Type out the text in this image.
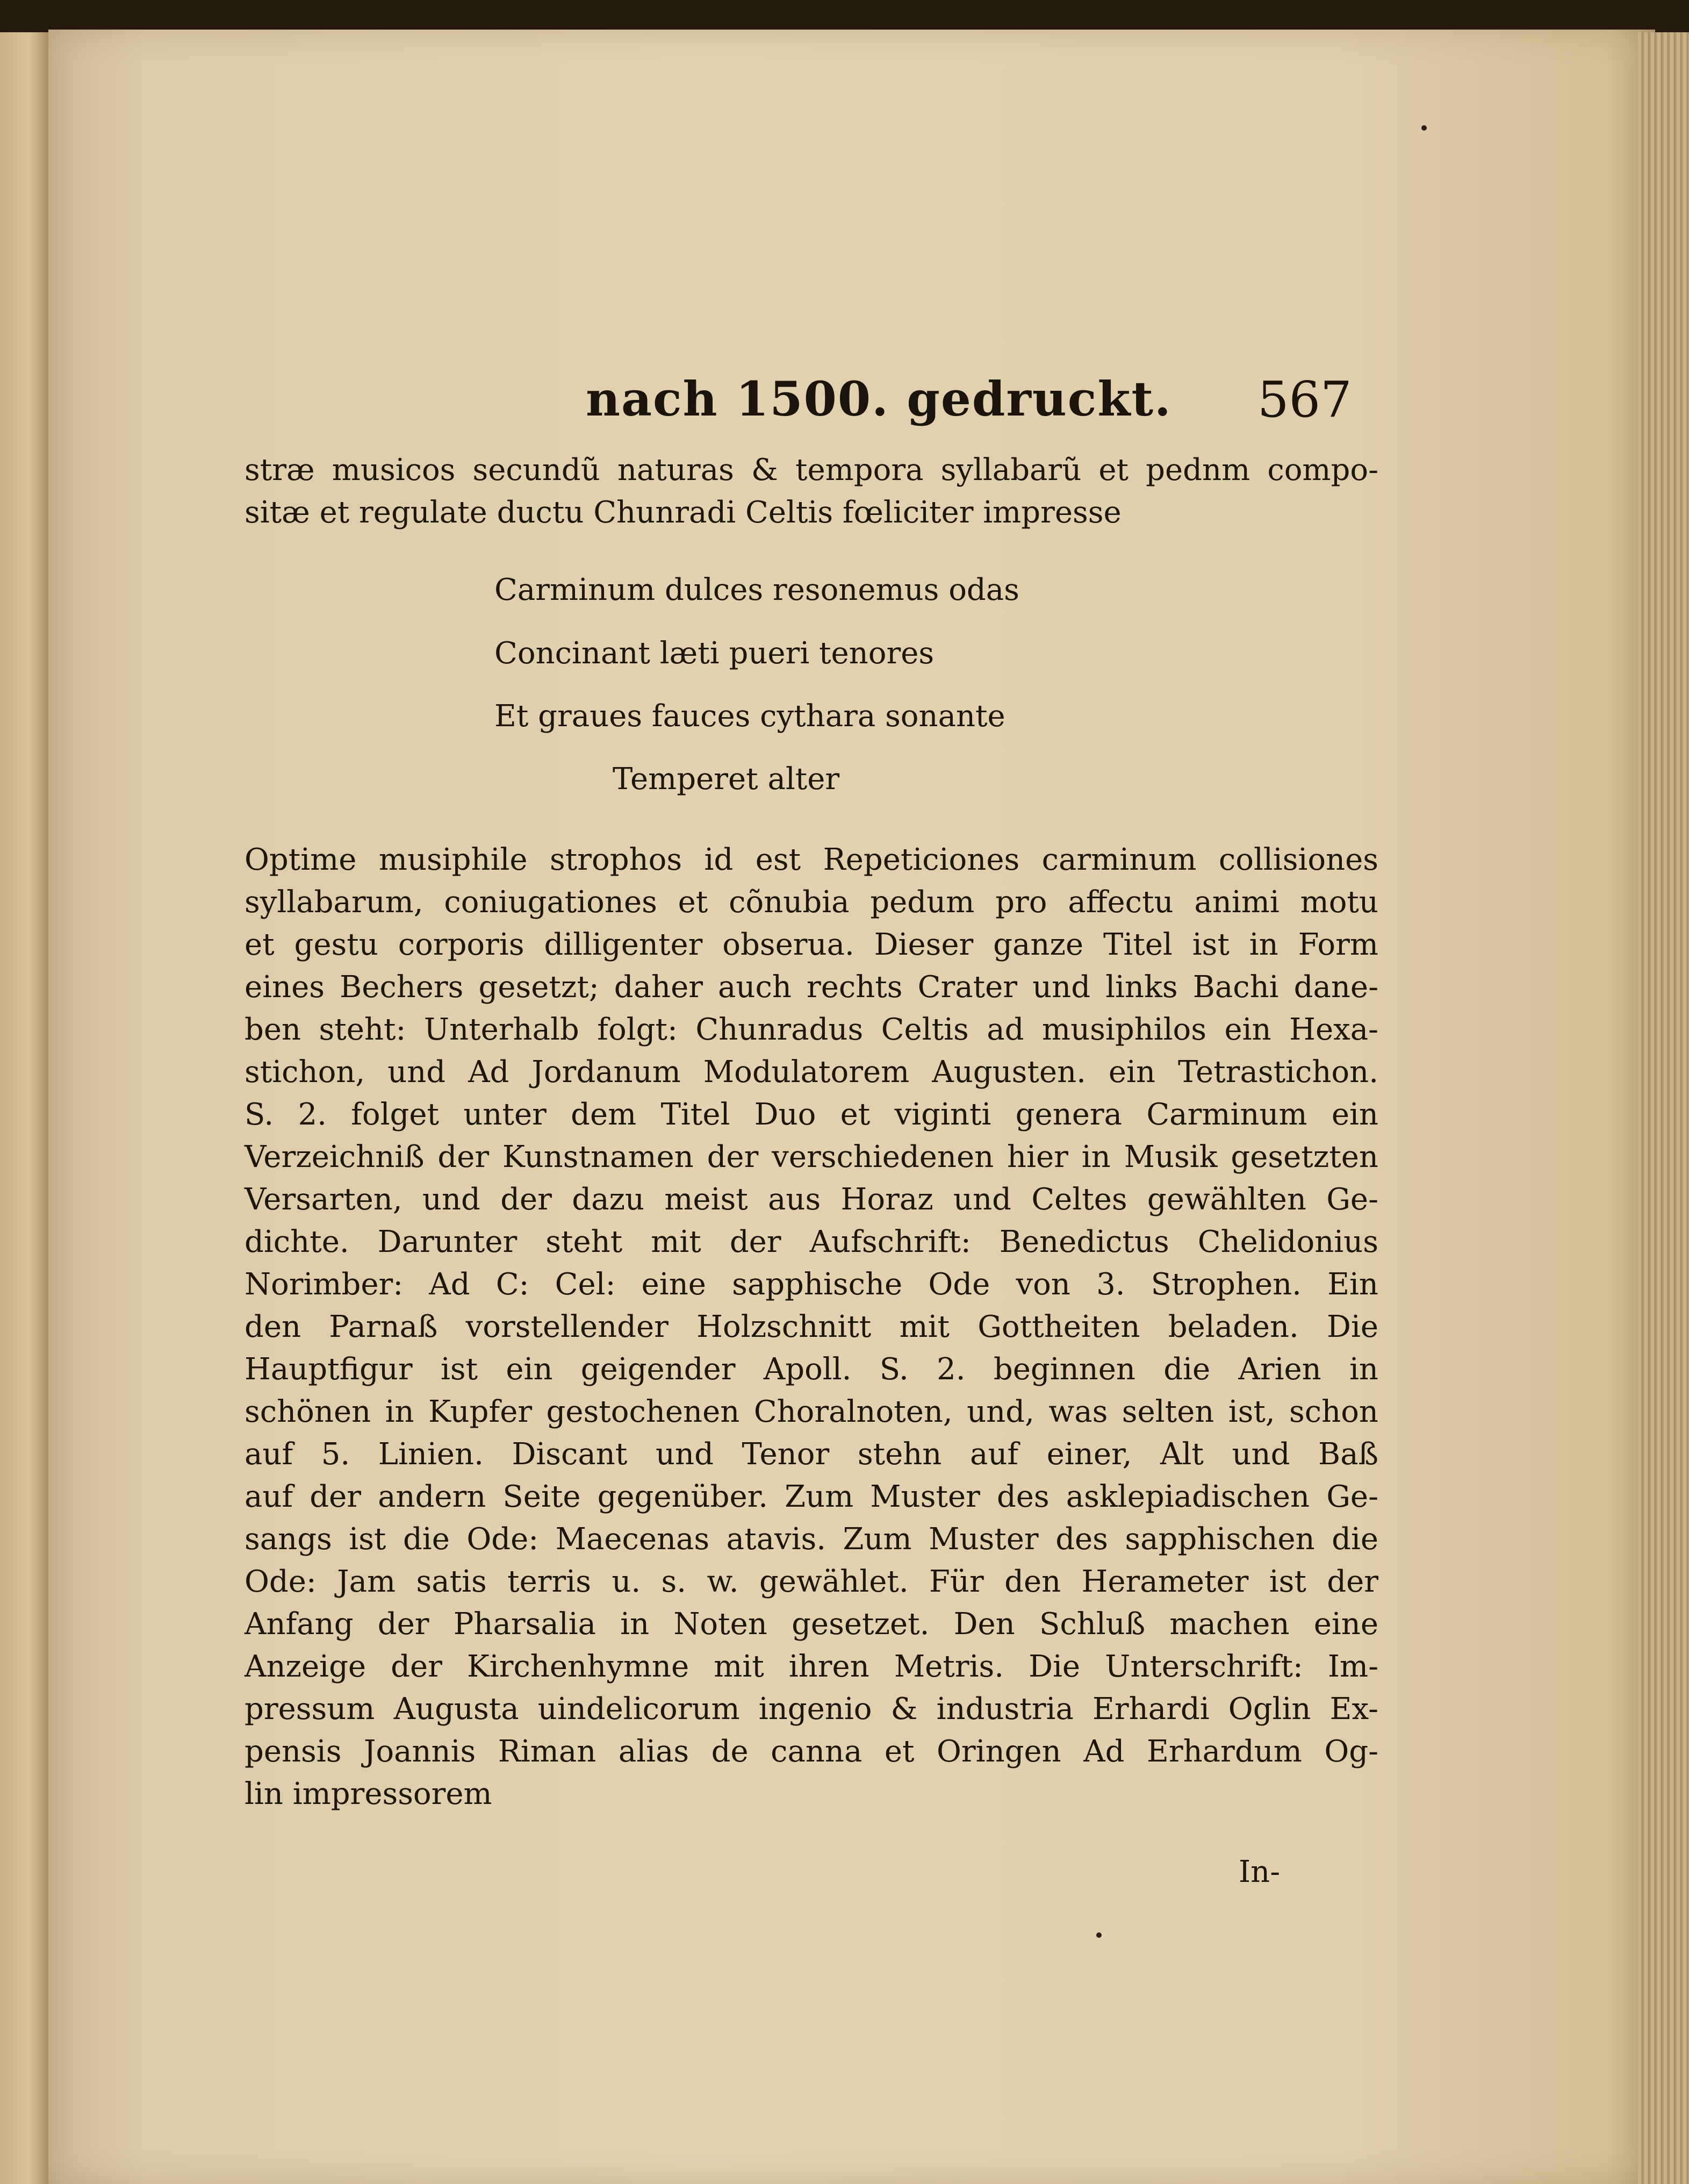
nach 1500. gedruckt. 567
stræ musicos secundũ naturas & tempora syllabarũ et pednm compo-
sitæ et regulate ductu Chunradi Celtis fœliciter impresse
Carminum dulces resonemus odas
Concinant læti pueri tenores
Et graues fauces cythara sonante
Temperet alter
Optime musiphile strophos id est Repeticiones carminum collisiones
syllabarum, coniugationes et cõnubia pedum pro affectu animi motu
et gestu corporis dilligenter obserua. Dieser ganze Titel ist in Form
eines Bechers gesetzt; daher auch rechts Crater und links Bachi dane-
ben steht: Unterhalb folgt: Chunradus Celtis ad musiphilos ein Hexa-
stichon, und Ad Jordanum Modulatorem Augusten. ein Tetrastichon.
S. 2. folget unter dem Titel Duo et viginti genera Carminum ein
Verzeichniß der Kunstnamen der verschiedenen hier in Musik gesetzten
Versarten, und der dazu meist aus Horaz und Celtes gewählten Ge-
dichte. Darunter steht mit der Aufschrift: Benedictus Chelidonius
Norimber: Ad C: Cel: eine sapphische Ode von 3. Strophen. Ein
den Parnaß vorstellender Holzschnitt mit Gottheiten beladen. Die
Hauptfigur ist ein geigender Apoll. S. 2. beginnen die Arien in
schönen in Kupfer gestochenen Choralnoten, und, was selten ist, schon
auf 5. Linien. Discant und Tenor stehn auf einer, Alt und Baß
auf der andern Seite gegenüber. Zum Muster des asklepiadischen Ge-
sangs ist die Ode: Maecenas atavis. Zum Muster des sapphischen die
Ode: Jam satis terris u. s. w. gewählet. Für den Herameter ist der
Anfang der Pharsalia in Noten gesetzet. Den Schluß machen eine
Anzeige der Kirchenhymne mit ihren Metris. Die Unterschrift: Im-
pressum Augusta uindelicorum ingenio & industria Erhardi Oglin Ex-
pensis Joannis Riman alias de canna et Oringen Ad Erhardum Og-
lin impressorem
In-
